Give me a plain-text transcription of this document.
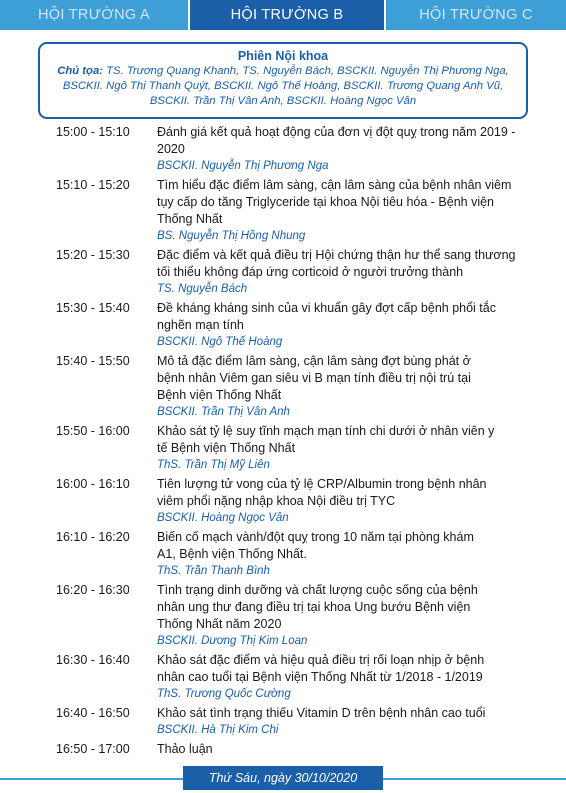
HỘI TRƯỜNG A	HỘI TRƯỜNG B	HỘI TRƯỜNG C
Phiên Nội khoa
Chủ tọa: TS. Trương Quang Khanh, TS. Nguyễn Bách, BSCKII. Nguyễn Thị Phương Nga,
BSCKII. Ngô Thị Thanh Quýt, BSCKII. Ngô Thế Hoàng, BSCKII. Trương Quang Anh Vũ,
BSCKII. Trần Thị Vân Anh, BSCKII. Hoàng Ngọc Vân
15:00 - 15:10	Đánh giá kết quả hoạt động của đơn vị đột quỵ trong năm 2019 - 2020
BSCKII. Nguyễn Thị Phương Nga
15:10 - 15:20	Tìm hiểu đặc điểm lâm sàng, cận lâm sàng của bệnh nhân viêm
tụy cấp do tăng Triglyceride tại khoa Nội tiêu hóa - Bệnh viện
Thống Nhất
BS. Nguyễn Thị Hồng Nhung
15:20 - 15:30	Đặc điểm và kết quả điều trị Hội chứng thận hư thể sang thương
tối thiểu không đáp ứng corticoid ở người trưởng thành
TS. Nguyễn Bách
15:30 - 15:40	Đề kháng kháng sinh của vi khuẩn gây đợt cấp bệnh phổi tắc
nghẽn mạn tính
BSCKII. Ngô Thế Hoàng
15:40 - 15:50	Mô tả đặc điểm lâm sàng, cận lâm sàng đợt bùng phát ở
bệnh nhân Viêm gan siêu vi B mạn tính điều trị nội trú tại
Bệnh viện Thống Nhất
BSCKII. Trần Thị Vân Anh
15:50 - 16:00	Khảo sát tỷ lệ suy tĩnh mạch mạn tính chi dưới ở nhân viên y
tế Bệnh viện Thống Nhất
ThS. Trần Thị Mỹ Liên
16:00 - 16:10	Tiên lượng tử vong của tỷ lệ CRP/Albumin trong bệnh nhân
viêm phổi nặng nhập khoa Nội điều trị TYC
BSCKII. Hoàng Ngọc Vân
16:10 - 16:20	Biến cố mạch vành/đột quỵ trong 10 năm tại phòng khám
A1, Bệnh viện Thống Nhất.
ThS. Trần Thanh Bình
16:20 - 16:30	Tình trạng dinh dưỡng và chất lượng cuộc sống của bệnh
nhân ung thư đang điều trị tại khoa Ung bướu Bệnh viện
Thống Nhất năm 2020
BSCKII. Dương Thị Kim Loan
16:30 - 16:40	Khảo sát đặc điểm và hiệu quả điều trị rối loạn nhịp ở bệnh
nhân cao tuổi tại Bệnh viện Thống Nhất từ 1/2018 - 1/2019
ThS. Trương Quốc Cường
16:40 - 16:50	Khảo sát tình trạng thiếu Vitamin D trên bệnh nhân cao tuổi
BSCKII. Hà Thị Kim Chi
16:50 - 17:00	Thảo luận
Thứ Sáu, ngày 30/10/2020
